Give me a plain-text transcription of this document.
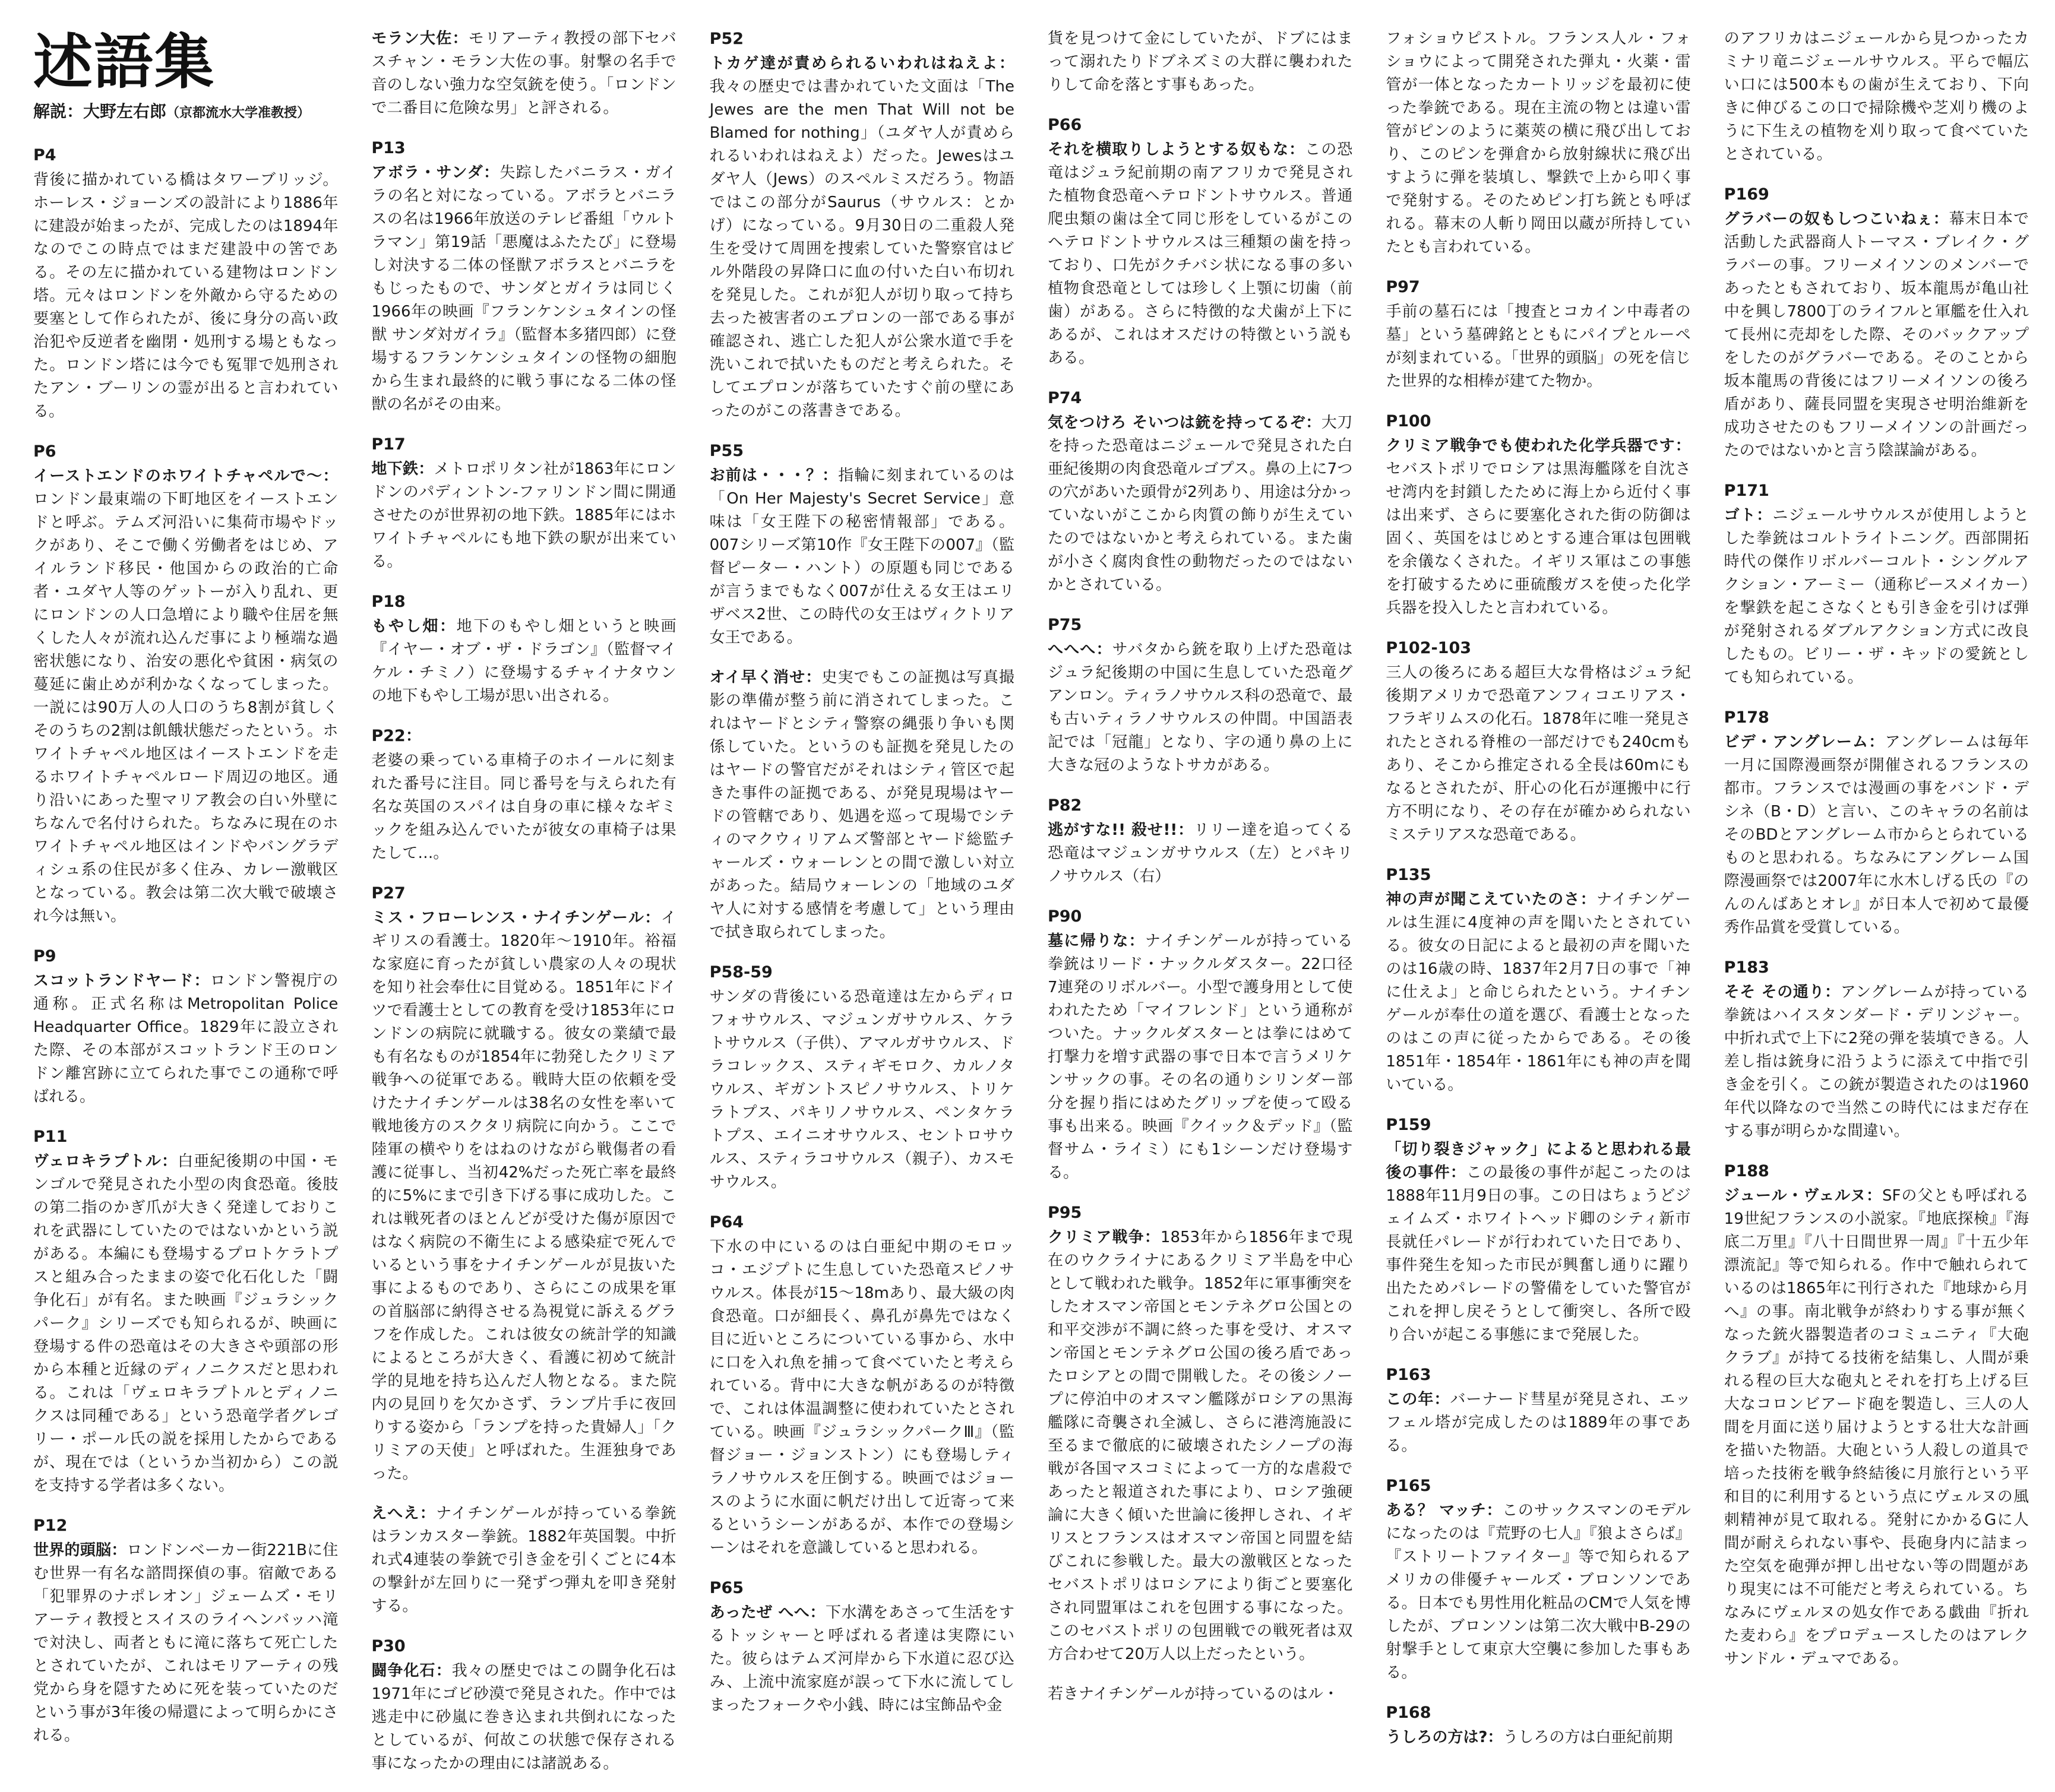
P4

背後に描かれている橋はタワーブリッジ。ホーレス・ジョーンズの設計により1886年に建設が始まったが、完成したのは1894年なのでこの時点ではまだ建設中の筈である。その左に描かれている建物はロンドン塔。元々はロンドンを外敵から守るための要塞として作られたが、後に身分の高い政治犯や反逆者を幽閉・処刑する場ともなった。ロンドン塔には今でも冤罪で処刑されたアン・ブーリンの霊が出ると言われている。

P6

イーストエンドのホワイトチャペルで〜：ロンドン最東端の下町地区をイーストエンドと呼ぶ。テムズ河沿いに集荷市場やドックがあり、そこで働く労働者をはじめ、アイルランド移民・他国からの政治的亡命者・ユダヤ人等のゲットーが入り乱れ、更にロンドンの人口急増により職や住居を無くした人々が流れ込んだ事により極端な過密状態になり、治安の悪化や貧困・病気の蔓延に歯止めが利かなくなってしまった。一説には90万人の人口のうち8割が貧しくそのうちの2割は飢餓状態だったという。ホワイトチャペル地区はイーストエンドを走るホワイトチャペルロード周辺の地区。通り沿いにあった聖マリア教会の白い外壁にちなんで名付けられた。ちなみに現在のホワイトチャペル地区はインドやバングラディシュ系の住民が多く住み、カレー激戦区となっている。教会は第二次大戦で破壊され今は無い。

P9

スコットランドヤード：ロンドン警視庁の通称。正式名称はMetropolitan Police Headquarter Office。1829年に設立された際、その本部がスコットランド王のロンドン離宮跡に立てられた事でこの通称で呼ばれる。

P11

ヴェロキラプトル：白亜紀後期の中国・モンゴルで発見された小型の肉食恐竜。後肢の第二指のかぎ爪が大きく発達しておりこれを武器にしていたのではないかという説がある。本編にも登場するプロトケラトプスと組み合ったままの姿で化石化した「闘争化石」が有名。また映画『ジュラシックパーク』シリーズでも知られるが、映画に登場する件の恐竜はその大きさや頭部の形から本種と近縁のディノニクスだと思われる。これは「ヴェロキラプトルとディノニクスは同種である」という恐竜学者グレゴリー・ポール氏の説を採用したからであるが、現在では（というか当初から）この説を支持する学者は多くない。

P12

世界的頭脳：ロンドンベーカー街221Bに住む世界一有名な諮問探偵の事。宿敵である「犯罪界のナポレオン」ジェームズ・モリアーティ教授とスイスのライヘンバッハ滝で対決し、両者ともに滝に落ちて死亡したとされていたが、これはモリアーティの残党から身を隠すために死を装っていたのだという事が3年後の帰還によって明らかにされる。

モラン大佐：モリアーティ教授の部下セバスチャン・モラン大佐の事。射撃の名手で音のしない強力な空気銃を使う。「ロンドンで二番目に危険な男」と評される。

P13

アボラ・サンダ：失踪したバニラス・ガイラの名と対になっている。アボラとバニラスの名は1966年放送のテレビ番組「ウルトラマン」第19話「悪魔はふたたび」に登場し対決する二体の怪獣アボラスとバニラをもじったもので、サンダとガイラは同じく1966年の映画『フランケンシュタインの怪獣 サンダ対ガイラ』（監督本多猪四郎）に登場するフランケンシュタインの怪物の細胞から生まれ最終的に戦う事になる二体の怪獣の名がその由来。

P17

地下鉄：メトロポリタン社が1863年にロンドンのパディントン-ファリンドン間に開通させたのが世界初の地下鉄。1885年にはホワイトチャペルにも地下鉄の駅が出来ている。

P18

もやし畑：地下のもやし畑というと映画『イヤー・オブ・ザ・ドラゴン』（監督マイケル・チミノ）に登場するチャイナタウンの地下もやし工場が思い出される。

P22：

老婆の乗っている車椅子のホイールに刻まれた番号に注目。同じ番号を与えられた有名な英国のスパイは自身の車に様々なギミックを組み込んでいたが彼女の車椅子は果たして…。

P27

ミス・フローレンス・ナイチンゲール：イギリスの看護士。1820年〜1910年。裕福な家庭に育ったが貧しい農家の人々の現状を知り社会奉仕に目覚める。1851年にドイツで看護士としての教育を受け1853年にロンドンの病院に就職する。彼女の業績で最も有名なものが1854年に勃発したクリミア戦争への従軍である。戦時大臣の依頼を受けたナイチンゲールは38名の女性を率いて戦地後方のスクタリ病院に向かう。ここで陸軍の横やりをはねのけながら戦傷者の看護に従事し、当初42%だった死亡率を最終的に5%にまで引き下げる事に成功した。これは戦死者のほとんどが受けた傷が原因ではなく病院の不衛生による感染症で死んでいるという事をナイチンゲールが見抜いた事によるものであり、さらにこの成果を軍の首脳部に納得させる為視覚に訴えるグラフを作成した。これは彼女の統計学的知識によるところが大きく、看護に初めて統計学的見地を持ち込んだ人物となる。また院内の見回りを欠かさず、ランプ片手に夜回りする姿から「ランプを持った貴婦人」「クリミアの天使」と呼ばれた。生涯独身であった。

えへえ：ナイチンゲールが持っている拳銃はランカスター拳銃。1882年英国製。中折れ式4連装の拳銃で引き金を引くごとに4本の撃針が左回りに一発ずつ弾丸を叩き発射する。

P30

闘争化石：我々の歴史ではこの闘争化石は1971年にゴビ砂漠で発見された。作中では逃走中に砂嵐に巻き込まれ共倒れになったとしているが、何故この状態で保存される事になったかの理由には諸説ある。

P52

トカゲ達が責められるいわれはねえよ：我々の歴史では書かれていた文面は「The Jewes are the men That Will not be Blamed for nothing」（ユダヤ人が責められるいわれはねえよ）だった。Jewesはユダヤ人（Jews）のスペルミスだろう。物語ではこの部分がSaurus（サウルス：とかげ）になっている。9月30日の二重殺人発生を受けて周囲を捜索していた警察官はビル外階段の昇降口に血の付いた白い布切れを発見した。これが犯人が切り取って持ち去った被害者のエプロンの一部である事が確認され、逃亡した犯人が公衆水道で手を洗いこれで拭いたものだと考えられた。そしてエプロンが落ちていたすぐ前の壁にあったのがこの落書きである。

P55

お前は・・・？：指輪に刻まれているのは「On Her Majesty's Secret Service」意味は「女王陛下の秘密情報部」である。007シリーズ第10作『女王陛下の007』（監督ピーター・ハント）の原題も同じであるが言うまでもなく007が仕える女王はエリザベス2世、この時代の女王はヴィクトリア女王である。

オイ早く消せ：史実でもこの証拠は写真撮影の準備が整う前に消されてしまった。これはヤードとシティ警察の縄張り争いも関係していた。というのも証拠を発見したのはヤードの警官だがそれはシティ管区で起きた事件の証拠である、が発見現場はヤードの管轄であり、処遇を巡って現場でシティのマクウィリアムズ警部とヤード総監チャールズ・ウォーレンとの間で激しい対立があった。結局ウォーレンの「地域のユダヤ人に対する感情を考慮して」という理由で拭き取られてしまった。

P58-59

サンダの背後にいる恐竜達は左からディロフォサウルス、マジュンガサウルス、ケラトサウルス（子供）、アマルガサウルス、ドラコレックス、スティギモロク、カルノタウルス、ギガントスピノサウルス、トリケラトプス、パキリノサウルス、ペンタケラトプス、エイニオサウルス、セントロサウルス、スティラコサウルス（親子）、カスモサウルス。

P64

下水の中にいるのは白亜紀中期のモロッコ・エジプトに生息していた恐竜スピノサウルス。体長が15〜18mあり、最大級の肉食恐竜。口が細長く、鼻孔が鼻先ではなく目に近いところについている事から、水中に口を入れ魚を捕って食べていたと考えられている。背中に大きな帆があるのが特徴で、これは体温調整に使われていたとされている。映画『ジュラシックパークⅢ』（監督ジョー・ジョンストン）にも登場しティラノサウルスを圧倒する。映画ではジョースのように水面に帆だけ出して近寄って来るというシーンがあるが、本作での登場シーンはそれを意識していると思われる。

P65

あったぜ へへ：下水溝をあさって生活をするトッシャーと呼ばれる者達は実際にいた。彼らはテムズ河岸から下水道に忍び込み、上流中流家庭が誤って下水に流してしまったフォークや小銭、時には宝飾品や金

貨を見つけて金にしていたが、ドブにはまって溺れたりドブネズミの大群に襲われたりして命を落とす事もあった。

P66

それを横取りしようとする奴もな：この恐竜はジュラ紀前期の南アフリカで発見された植物食恐竜ヘテロドントサウルス。普通爬虫類の歯は全て同じ形をしているがこのヘテロドントサウルスは三種類の歯を持っており、口先がクチバシ状になる事の多い植物食恐竜としては珍しく上顎に切歯（前歯）がある。さらに特徴的な犬歯が上下にあるが、これはオスだけの特徴という説もある。

P74

気をつけろ そいつは銃を持ってるぞ：大刀を持った恐竜はニジェールで発見された白亜紀後期の肉食恐竜ルゴプス。鼻の上に7つの穴があいた頭骨が2列あり、用途は分かっていないがここから肉質の飾りが生えていたのではないかと考えられている。また歯が小さく腐肉食性の動物だったのではないかとされている。

P75

へへへ：サバタから銃を取り上げた恐竜はジュラ紀後期の中国に生息していた恐竜グアンロン。ティラノサウルス科の恐竜で、最も古いティラノサウルスの仲間。中国語表記では「冠龍」となり、字の通り鼻の上に大きな冠のようなトサカがある。

P82

逃がすな!! 殺せ!!：リリー達を追ってくる恐竜はマジュンガサウルス（左）とパキリノサウルス（右）

P90

墓に帰りな：ナイチンゲールが持っている拳銃はリード・ナックルダスター。22口径7連発のリボルバー。小型で護身用として使われたため「マイフレンド」という通称がついた。ナックルダスターとは拳にはめて打撃力を増す武器の事で日本で言うメリケンサックの事。その名の通りシリンダー部分を握り指にはめたグリップを使って殴る事も出来る。映画『クイック＆デッド』（監督サム・ライミ）にも1シーンだけ登場する。

P95

クリミア戦争：1853年から1856年まで現在のウクライナにあるクリミア半島を中心として戦われた戦争。1852年に軍事衝突をしたオスマン帝国とモンテネグロ公国との和平交渉が不調に終った事を受け、オスマン帝国とモンテネグロ公国の後ろ盾であったロシアとの間で開戦した。その後シノープに停泊中のオスマン艦隊がロシアの黒海艦隊に奇襲され全滅し、さらに港湾施設に至るまで徹底的に破壊されたシノープの海戦が各国マスコミによって一方的な虐殺であったと報道された事により、ロシア強硬論に大きく傾いた世論に後押しされ、イギリスとフランスはオスマン帝国と同盟を結びこれに参戦した。最大の激戦区となったセバストポリはロシアにより街ごと要塞化され同盟軍はこれを包囲する事になった。このセバストポリの包囲戦での戦死者は双方合わせて20万人以上だったという。

若きナイチンゲールが持っているのはル・

フォショウピストル。フランス人ル・フォショウによって開発された弾丸・火薬・雷管が一体となったカートリッジを最初に使った拳銃である。現在主流の物とは違い雷管がピンのように薬莢の横に飛び出しており、このピンを弾倉から放射線状に飛び出すように弾を装填し、撃鉄で上から叩く事で発射する。そのためピン打ち銃とも呼ばれる。幕末の人斬り岡田以蔵が所持していたとも言われている。

P97

手前の墓石には「捜査とコカイン中毒者の墓」という墓碑銘とともにパイプとルーペが刻まれている。「世界的頭脳」の死を信じた世界的な相棒が建てた物か。

P100

クリミア戦争でも使われた化学兵器です：セバストポリでロシアは黒海艦隊を自沈させ湾内を封鎖したために海上から近付く事は出来ず、さらに要塞化された街の防御は固く、英国をはじめとする連合軍は包囲戦を余儀なくされた。イギリス軍はこの事態を打破するために亜硫酸ガスを使った化学兵器を投入したと言われている。

P102-103

三人の後ろにある超巨大な骨格はジュラ紀後期アメリカで恐竜アンフィコエリアス・フラギリムスの化石。1878年に唯一発見されたとされる脊椎の一部だけでも240cmもあり、そこから推定される全長は60mにもなるとされたが、肝心の化石が運搬中に行方不明になり、その存在が確かめられないミステリアスな恐竜である。

P135

神の声が聞こえていたのさ：ナイチンゲールは生涯に4度神の声を聞いたとされている。彼女の日記によると最初の声を聞いたのは16歳の時、1837年2月7日の事で「神に仕えよ」と命じられたという。ナイチンゲールが奉仕の道を選び、看護士となったのはこの声に従ったからである。その後1851年・1854年・1861年にも神の声を聞いている。

P159

「切り裂きジャック」によると思われる最後の事件：この最後の事件が起こったのは1888年11月9日の事。この日はちょうどジェイムズ・ホワイトヘッド卿のシティ新市長就任パレードが行われていた日であり、事件発生を知った市民が興奮し通りに躍り出たためパレードの警備をしていた警官がこれを押し戻そうとして衝突し、各所で殴り合いが起こる事態にまで発展した。

P163

この年：バーナード彗星が発見され、エッフェル塔が完成したのは1889年の事である。

P165

ある？ マッチ：このサックスマンのモデルになったのは『荒野の七人』『狼よさらば』『ストリートファイター』等で知られるアメリカの俳優チャールズ・ブロンソンである。日本でも男性用化粧品のCMで人気を博したが、ブロンソンは第二次大戦中B-29の射撃手として東京大空襲に参加した事もある。

P168

うしろの方は?：うしろの方は白亜紀前期

のアフリカはニジェールから見つかったカミナリ竜ニジェールサウルス。平らで幅広い口には500本もの歯が生えており、下向きに伸びるこの口で掃除機や芝刈り機のように下生えの植物を刈り取って食べていたとされている。

P169

グラバーの奴もしつこいねぇ：幕末日本で活動した武器商人トーマス・ブレイク・グラバーの事。フリーメイソンのメンバーであったともされており、坂本龍馬が亀山社中を興し7800丁のライフルと軍艦を仕入れて長州に売却をした際、そのバックアップをしたのがグラバーである。そのことから坂本龍馬の背後にはフリーメイソンの後ろ盾があり、薩長同盟を実現させ明治維新を成功させたのもフリーメイソンの計画だったのではないかと言う陰謀論がある。

P171

ゴト：ニジェールサウルスが使用しようとした拳銃はコルトライトニング。西部開拓時代の傑作リボルバーコルト・シングルアクション・アーミー（通称ピースメイカー）を撃鉄を起こさなくとも引き金を引けば弾が発射されるダブルアクション方式に改良したもの。ビリー・ザ・キッドの愛銃としても知られている。

P178

ビデ・アングレーム：アングレームは毎年一月に国際漫画祭が開催されるフランスの都市。フランスでは漫画の事をバンド・デシネ（B・D）と言い、このキャラの名前はそのBDとアングレーム市からとられているものと思われる。ちなみにアングレーム国際漫画祭では2007年に水木しげる氏の『のんのんばあとオレ』が日本人で初めて最優秀作品賞を受賞している。

P183

そそ その通り：アングレームが持っている拳銃はハイスタンダード・デリンジャー。中折れ式で上下に2発の弾を装填できる。人差し指は銃身に沿うように添えて中指で引き金を引く。この銃が製造されたのは1960年代以降なので当然この時代にはまだ存在する事が明らかな間違い。

P188

ジュール・ヴェルヌ：SFの父とも呼ばれる19世紀フランスの小説家。『地底探検』『海底二万里』『八十日間世界一周』『十五少年漂流記』等で知られる。作中で触れられているのは1865年に刊行された『地球から月へ』の事。南北戦争が終わりする事が無くなった銃火器製造者のコミュニティ『大砲クラブ』が持てる技術を結集し、人間が乗れる程の巨大な砲丸とそれを打ち上げる巨大なコロンビアード砲を製造し、三人の人間を月面に送り届けようとする壮大な計画を描いた物語。大砲という人殺しの道具で培った技術を戦争終結後に月旅行という平和目的に利用するという点にヴェルヌの風刺精神が見て取れる。発射にかかるGに人間が耐えられない事や、長砲身内に詰まった空気を砲弾が押し出せない等の問題があり現実には不可能だと考えられている。ちなみにヴェルヌの処女作である戯曲『折れた麦わら』をプロデュースしたのはアレクサンドル・デュマである。

述語集
解説：大野左右郎（京都流水大学准教授）
